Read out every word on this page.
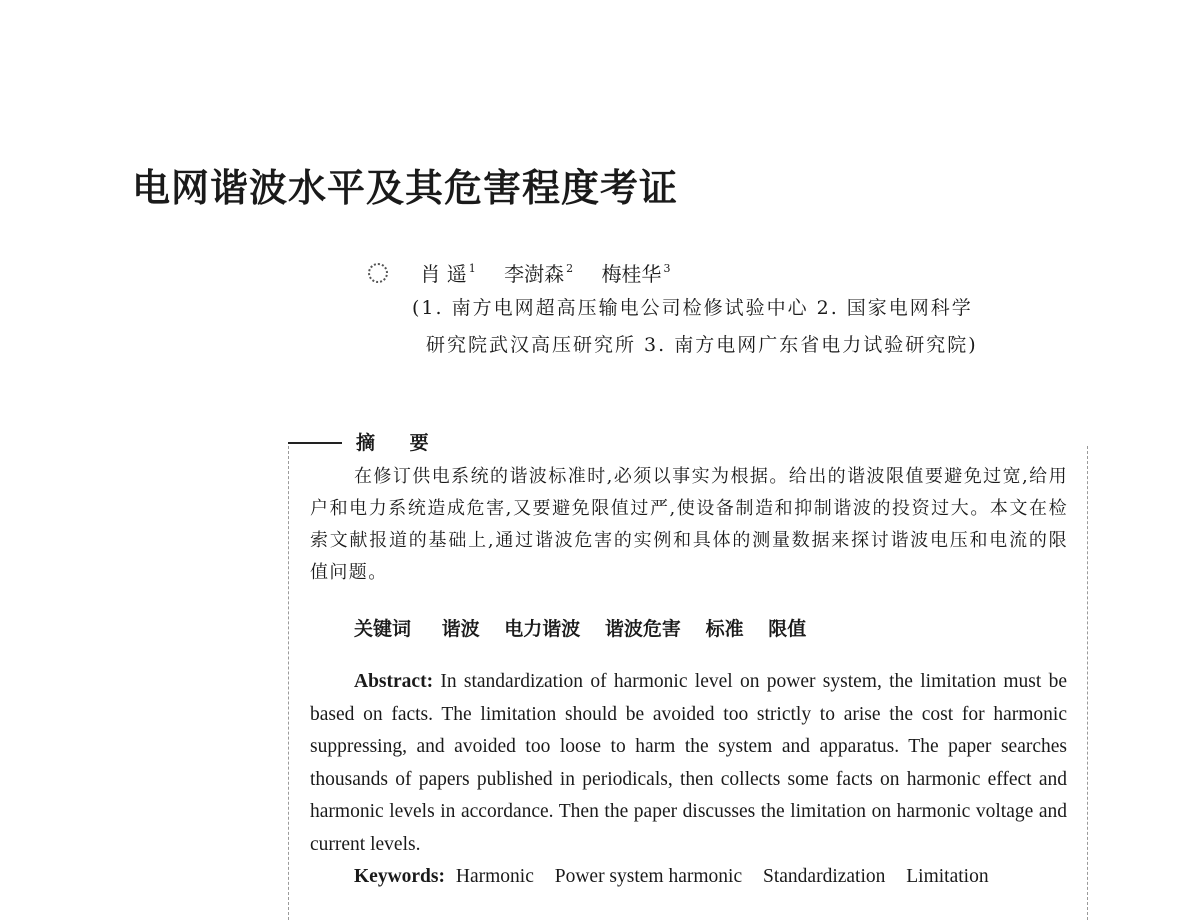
电网谐波水平及其危害程度考证
肖 遥 $^1$ 李澍森 $^2$ 梅桂华 $^3$
(1. 南方电网超高压输电公司检修试验中心 2. 国家电网科学
研究院武汉高压研究所 3. 南方电网广东省电力试验研究院)
摘 要

在修订供电系统的谐波标准时,必须以事实为根据。给出的谐波限值要避免过宽,给用户和电力系统造成危害,又要避免限值过严,使设备制造和抑制谐波的投资过大。本文在检索文献报道的基础上,通过谐波危害的实例和具体的测量数据来探讨谐波电压和电流的限值问题。

关键词 谐波 电力谐波 谐波危害 标准 限值

Abstract: In standardization of harmonic level on power system, the limitation must be based on facts. The limitation should be avoided too strictly to arise the cost for harmonic suppressing, and avoided too loose to harm the system and apparatus. The paper searches thousands of papers published in periodicals, then collects some facts on harmonic effect and harmonic levels in accordance. Then the paper discusses the limitation on harmonic voltage and current levels.

Keywords: Harmonic Power system harmonic Standardization Limitation
